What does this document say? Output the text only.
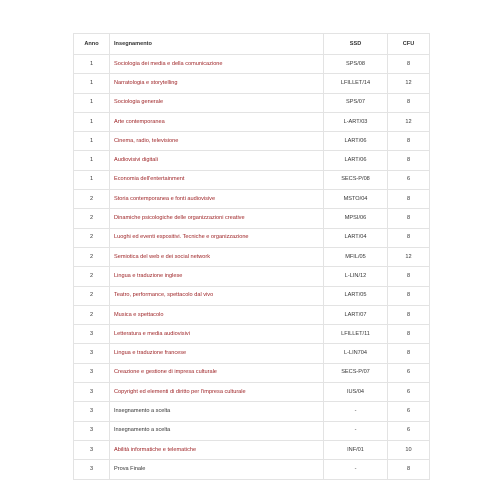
Anno	Insegnamento	SSD	CFU
1	Sociologia dei media e della comunicazione	SPS/08	8
1	Narratologia e storytelling	LFILLET/14	12
1	Sociologia generale	SPS/07	8
1	Arte contemporanea	L-ART/03	12
1	Cinema, radio, televisione	LART/06	8
1	Audiovisivi digitali	LART/06	8
1	Economia dell'entertainment	SECS-P/08	6
2	Storia contemporanea e fonti audiovisive	MSTO/04	8
2	Dinamiche psicologiche delle organizzazioni creative	MPSI/06	8
2	Luoghi ed eventi espositivi. Tecniche e organizzazione	LART/04	8
2	Semiotica del web e dei social network	MFIL/05	12
2	Lingua e traduzione inglese	L-LIN/12	8
2	Teatro, performance, spettacolo dal vivo	LART/05	8
2	Musica e spettacolo	LART/07	8
3	Letteratura e media audiovisivi	LFILLET/11	8
3	Lingua e traduzione francese	L-LIN704	8
3	Creazione e gestione di impresa culturale	SECS-P/07	6
3	Copyright ed elementi di diritto per l'impresa culturale	IUS/04	6
3	Insegnamento a scelta	-	6
3	Insegnamento a scelta	-	6
3	Abilità informatiche e telematiche	INF/01	10
3	Prova Finale	-	8
